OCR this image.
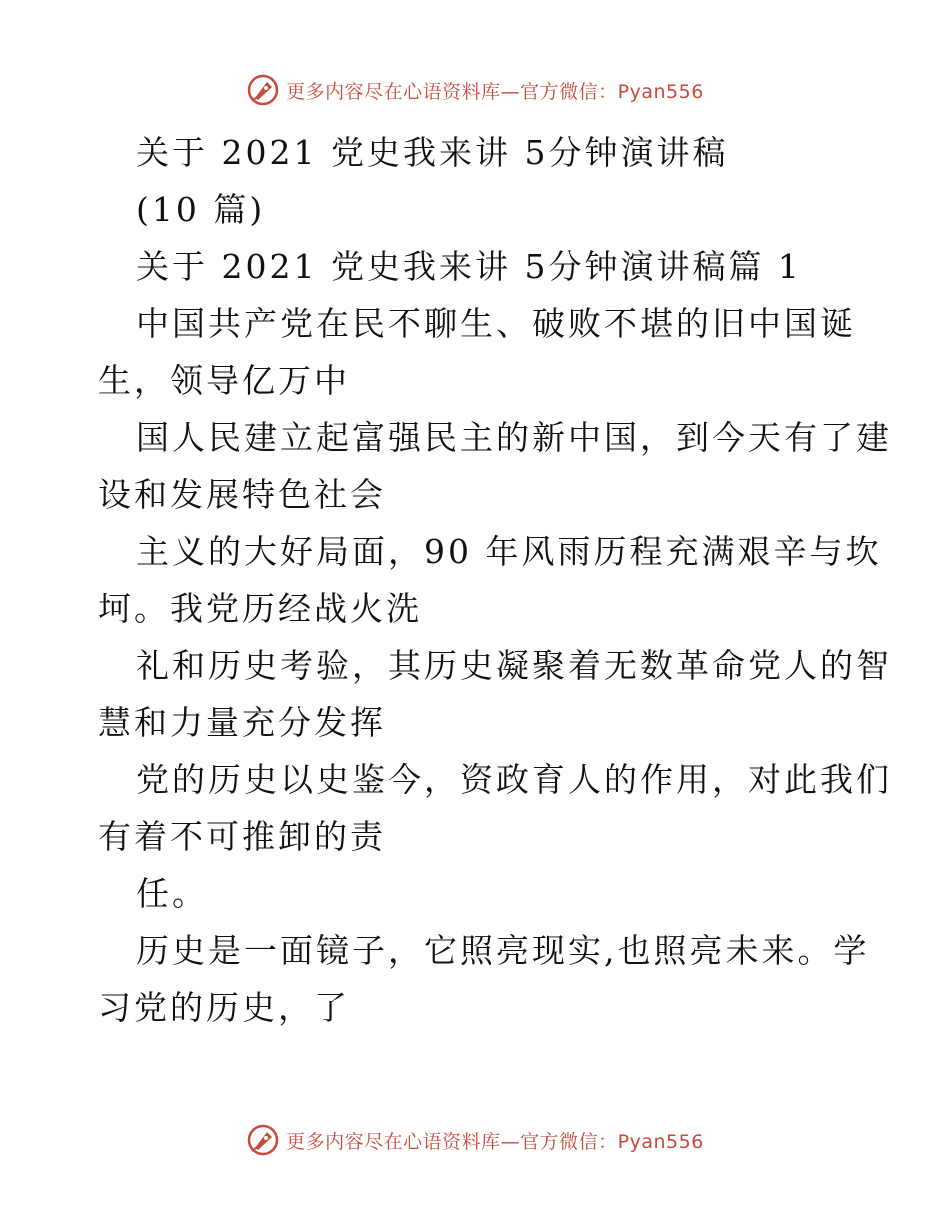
更多内容尽在心语资料库—官方微信：Pyan556
关于 2021 党史我来讲 5分钟演讲稿
(10 篇)
关于 2021 党史我来讲 5分钟演讲稿篇 1
中国共产党在民不聊生、破败不堪的旧中国诞
生，领导亿万中
国人民建立起富强民主的新中国，到今天有了建
设和发展特色社会
主义的大好局面，90 年风雨历程充满艰辛与坎
坷。我党历经战火洗
礼和历史考验，其历史凝聚着无数革命党人的智
慧和力量充分发挥
党的历史以史鉴今，资政育人的作用，对此我们
有着不可推卸的责
任。
历史是一面镜子，它照亮现实,也照亮未来。学
习党的历史，了
更多内容尽在心语资料库—官方微信：Pyan556
